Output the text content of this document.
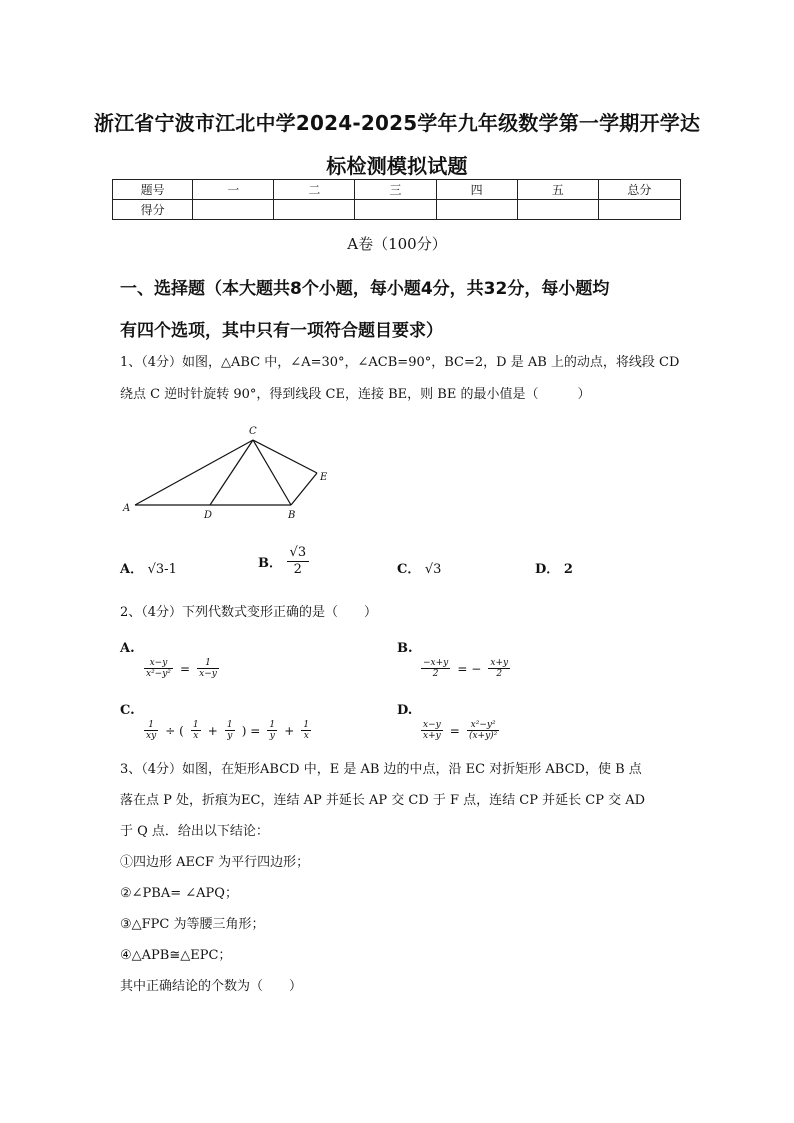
浙江省宁波市江北中学2024-2025学年九年级数学第一学期开学达
标检测模拟试题
题号	一	二	三	四	五	总分
得分						
A卷（100分）
一、选择题（本大题共8个小题，每小题4分，共32分，每小题均
有四个选项，其中只有一项符合题目要求）
1、（4分）如图，△ABC 中，∠A=30°，∠ACB=90°，BC=2，D 是 AB 上的动点，将线段 CD
绕点 C 逆时针旋转 90°，得到线段 CE，连接 BE，则 BE 的最小值是（　　　）
A
D	B
C
E
A． √3-1	B． $\frac{√3}{2}$	C． √3	D． 2
2、（4分）下列代数式变形正确的是（　　）
A.
$\frac{x-y}{\text{x²−y²}} = \frac{1}{x-y}$
B.
$\frac{-x+y}{2}$ = − $\frac{x+y}{2}$
C.
$\frac{1}{xy}$ ÷ ( $\frac{1}{x} + \frac{1}{y}$ ) = $\frac{1}{y} + \frac{1}{x}$
D.
$\frac{x-y}{x+y} = \frac{\text{x²−y²}}{\text{(x+y)²}}$
3、（4分）如图，在矩形ABCD 中，E 是 AB 边的中点，沿 EC 对折矩形 ABCD，使 B 点
落在点 P 处，折痕为EC，连结 AP 并延长 AP 交 CD 于 F 点，连结 CP 并延长 CP 交 AD
于 Q 点．给出以下结论：
①四边形 AECF 为平行四边形；
②∠PBA= ∠APQ；
③△FPC 为等腰三角形；
④△APB≅△EPC；
其中正确结论的个数为（　　）
